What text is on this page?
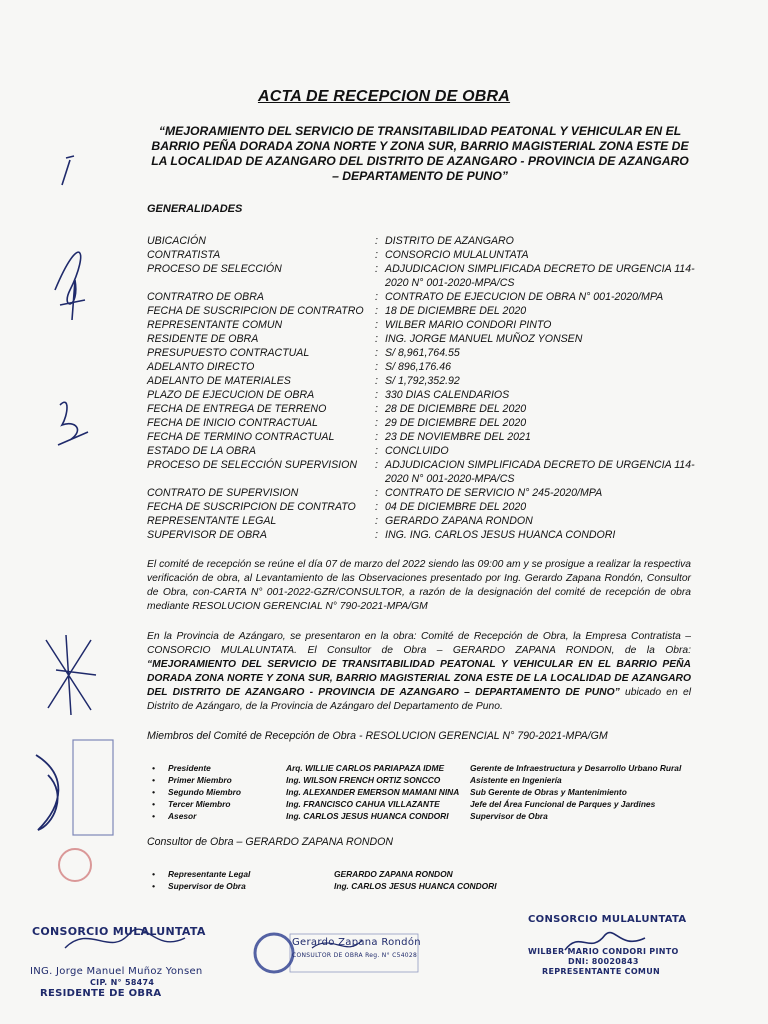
ACTA DE RECEPCION DE OBRA
“MEJORAMIENTO DEL SERVICIO DE TRANSITABILIDAD PEATONAL Y VEHICULAR EN EL BARRIO PEÑA DORADA ZONA NORTE Y ZONA SUR, BARRIO MAGISTERIAL ZONA ESTE DE LA LOCALIDAD DE AZANGARO DEL DISTRITO DE AZANGARO - PROVINCIA DE AZANGARO – DEPARTAMENTO DE PUNO”
GENERALIDADES
UBICACIÓN	: DISTRITO DE AZANGARO
CONTRATISTA	: CONSORCIO MULALUNTATA
PROCESO DE SELECCIÓN	: ADJUDICACION SIMPLIFICADA DECRETO DE URGENCIA 114-2020 N° 001-2020-MPA/CS
CONTRATRO DE OBRA	: CONTRATO DE EJECUCION DE OBRA N° 001-2020/MPA
FECHA DE SUSCRIPCION DE CONTRATRO	: 18 DE DICIEMBRE DEL 2020
REPRESENTANTE COMUN	: WILBER MARIO CONDORI PINTO
RESIDENTE DE OBRA	: ING. JORGE MANUEL MUÑOZ YONSEN
PRESUPUESTO CONTRACTUAL	: S/ 8,961,764.55
ADELANTO DIRECTO	: S/ 896,176.46
ADELANTO DE MATERIALES	: S/ 1,792,352.92
PLAZO DE EJECUCION DE OBRA	: 330 DIAS CALENDARIOS
FECHA DE ENTREGA DE TERRENO	: 28 DE DICIEMBRE DEL 2020
FECHA DE INICIO CONTRACTUAL	: 29 DE DICIEMBRE DEL 2020
FECHA DE TERMINO CONTRACTUAL	: 23 DE NOVIEMBRE DEL 2021
ESTADO DE LA OBRA	: CONCLUIDO
PROCESO DE SELECCIÓN SUPERVISION	: ADJUDICACION SIMPLIFICADA DECRETO DE URGENCIA 114-2020 N° 001-2020-MPA/CS
CONTRATO DE SUPERVISION	: CONTRATO DE SERVICIO N° 245-2020/MPA
FECHA DE SUSCRIPCION DE CONTRATO	: 04 DE DICIEMBRE DEL 2020
REPRESENTANTE LEGAL	: GERARDO ZAPANA RONDON
SUPERVISOR DE OBRA	: ING. ING. CARLOS JESUS HUANCA CONDORI
El comité de recepción se reúne el día 07 de marzo del 2022 siendo las 09:00 am y se prosigue a realizar la respectiva verificación de obra, al Levantamiento de las Observaciones presentado por Ing. Gerardo Zapana Rondón, Consultor de Obra, con-CARTA N° 001-2022-GZR/CONSULTOR, a razón de la designación del comité de recepción de obra mediante RESOLUCION GERENCIAL N° 790-2021-MPA/GM
En la Provincia de Azángaro, se presentaron en la obra: Comité de Recepción de Obra, la Empresa Contratista – CONSORCIO MULALUNTATA. El Consultor de Obra – GERARDO ZAPANA RONDON, de la Obra: “MEJORAMIENTO DEL SERVICIO DE TRANSITABILIDAD PEATONAL Y VEHICULAR EN EL BARRIO PEÑA DORADA ZONA NORTE Y ZONA SUR, BARRIO MAGISTERIAL ZONA ESTE DE LA LOCALIDAD DE AZANGARO DEL DISTRITO DE AZANGARO - PROVINCIA DE AZANGARO – DEPARTAMENTO DE PUNO” ubicado en el Distrito de Azángaro, de la Provincia de Azángaro del Departamento de Puno.
Miembros del Comité de Recepción de Obra - RESOLUCION GERENCIAL N° 790-2021-MPA/GM
•	Presidente	Arq. WILLIE CARLOS PARIAPAZA IDME	Gerente de Infraestructura y Desarrollo Urbano Rural
•	Primer Miembro	Ing. WILSON FRENCH ORTIZ SONCCO	Asistente en Ingeniería
•	Segundo Miembro	Ing. ALEXANDER EMERSON MAMANI NINA	Sub Gerente de Obras y Mantenimiento
•	Tercer Miembro	Ing. FRANCISCO CAHUA VILLAZANTE	Jefe del Área Funcional de Parques y Jardines
•	Asesor	Ing. CARLOS JESUS HUANCA CONDORI	Supervisor de Obra
Consultor de Obra – GERARDO ZAPANA RONDON
•	Representante Legal	GERARDO ZAPANA RONDON
•	Supervisor de Obra	Ing. CARLOS JESUS HUANCA CONDORI
CONSORCIO MULALUNTATA
ING. Jorge Manuel Muñoz Yonsen
CIP. N° 58474
RESIDENTE DE OBRA
Gerardo Zapana Rondón
CONSULTOR DE OBRA Reg. N° C54028
CONSORCIO MULALUNTATA
WILBER MARIO CONDORI PINTO
DNI: 80020843
REPRESENTANTE COMUN
